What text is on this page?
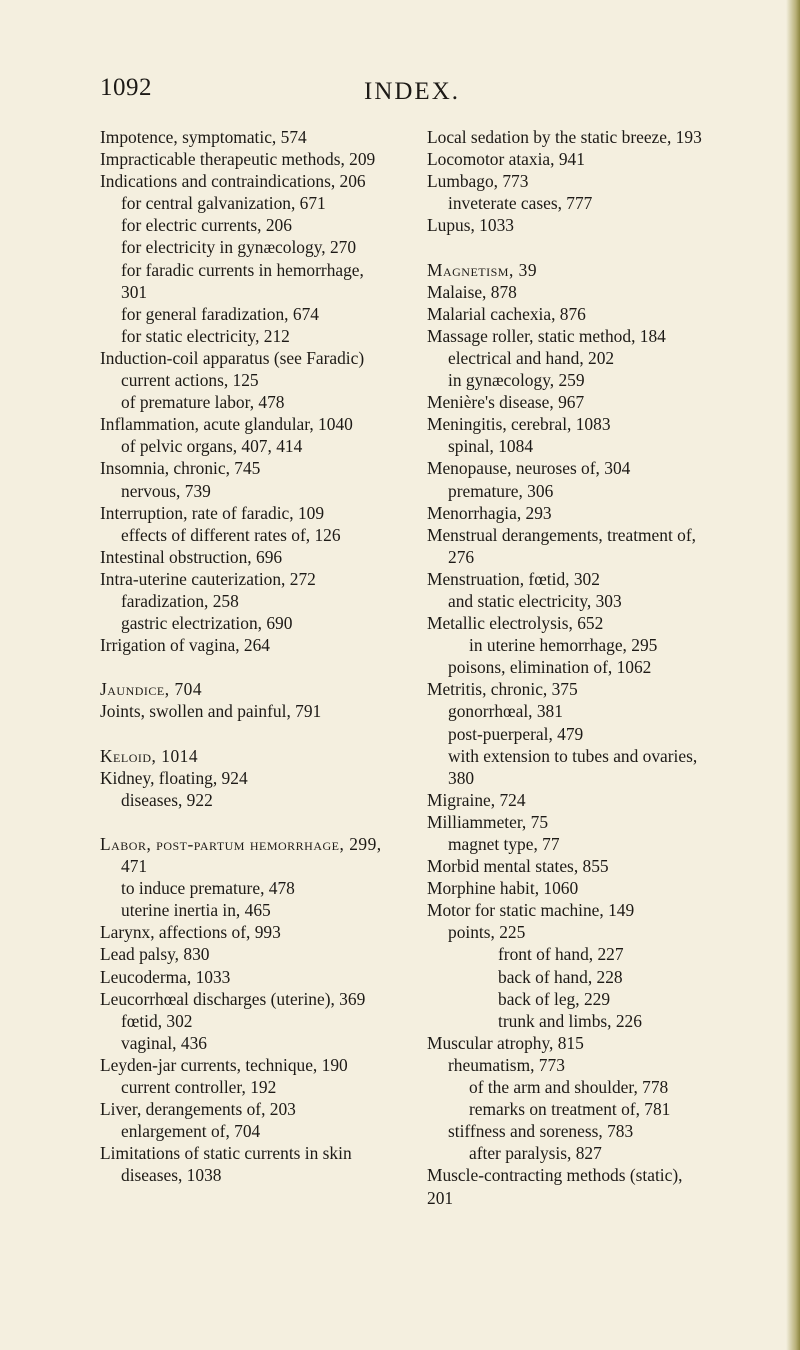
1092	INDEX.
Impotence, symptomatic, 574
Impracticable therapeutic methods, 209
Indications and contraindications, 206
for central galvanization, 671
for electric currents, 206
for electricity in gynæcology, 270
for faradic currents in hemorrhage,
301
for general faradization, 674
for static electricity, 212
Induction-coil apparatus (see Faradic)
current actions, 125
of premature labor, 478
Inflammation, acute glandular, 1040
of pelvic organs, 407, 414
Insomnia, chronic, 745
nervous, 739
Interruption, rate of faradic, 109
effects of different rates of, 126
Intestinal obstruction, 696
Intra-uterine cauterization, 272
faradization, 258
gastric electrization, 690
Irrigation of vagina, 264
Jaundice, 704
Joints, swollen and painful, 791
Keloid, 1014
Kidney, floating, 924
diseases, 922
Labor, post-partum hemorrhage, 299,
471
to induce premature, 478
uterine inertia in, 465
Larynx, affections of, 993
Lead palsy, 830
Leucoderma, 1033
Leucorrhœal discharges (uterine), 369
fœtid, 302
vaginal, 436
Leyden-jar currents, technique, 190
current controller, 192
Liver, derangements of, 203
enlargement of, 704
Limitations of static currents in skin
diseases, 1038
Local sedation by the static breeze, 193
Locomotor ataxia, 941
Lumbago, 773
inveterate cases, 777
Lupus, 1033
Magnetism, 39
Malaise, 878
Malarial cachexia, 876
Massage roller, static method, 184
electrical and hand, 202
in gynæcology, 259
Menière's disease, 967
Meningitis, cerebral, 1083
spinal, 1084
Menopause, neuroses of, 304
premature, 306
Menorrhagia, 293
Menstrual derangements, treatment of,
276
Menstruation, fœtid, 302
and static electricity, 303
Metallic electrolysis, 652
in uterine hemorrhage, 295
poisons, elimination of, 1062
Metritis, chronic, 375
gonorrhœal, 381
post-puerperal, 479
with extension to tubes and ovaries,
380
Migraine, 724
Milliammeter, 75
magnet type, 77
Morbid mental states, 855
Morphine habit, 1060
Motor for static machine, 149
points, 225
front of hand, 227
back of hand, 228
back of leg, 229
trunk and limbs, 226
Muscular atrophy, 815
rheumatism, 773
of the arm and shoulder, 778
remarks on treatment of, 781
stiffness and soreness, 783
after paralysis, 827
Muscle-contracting methods (static),
201
